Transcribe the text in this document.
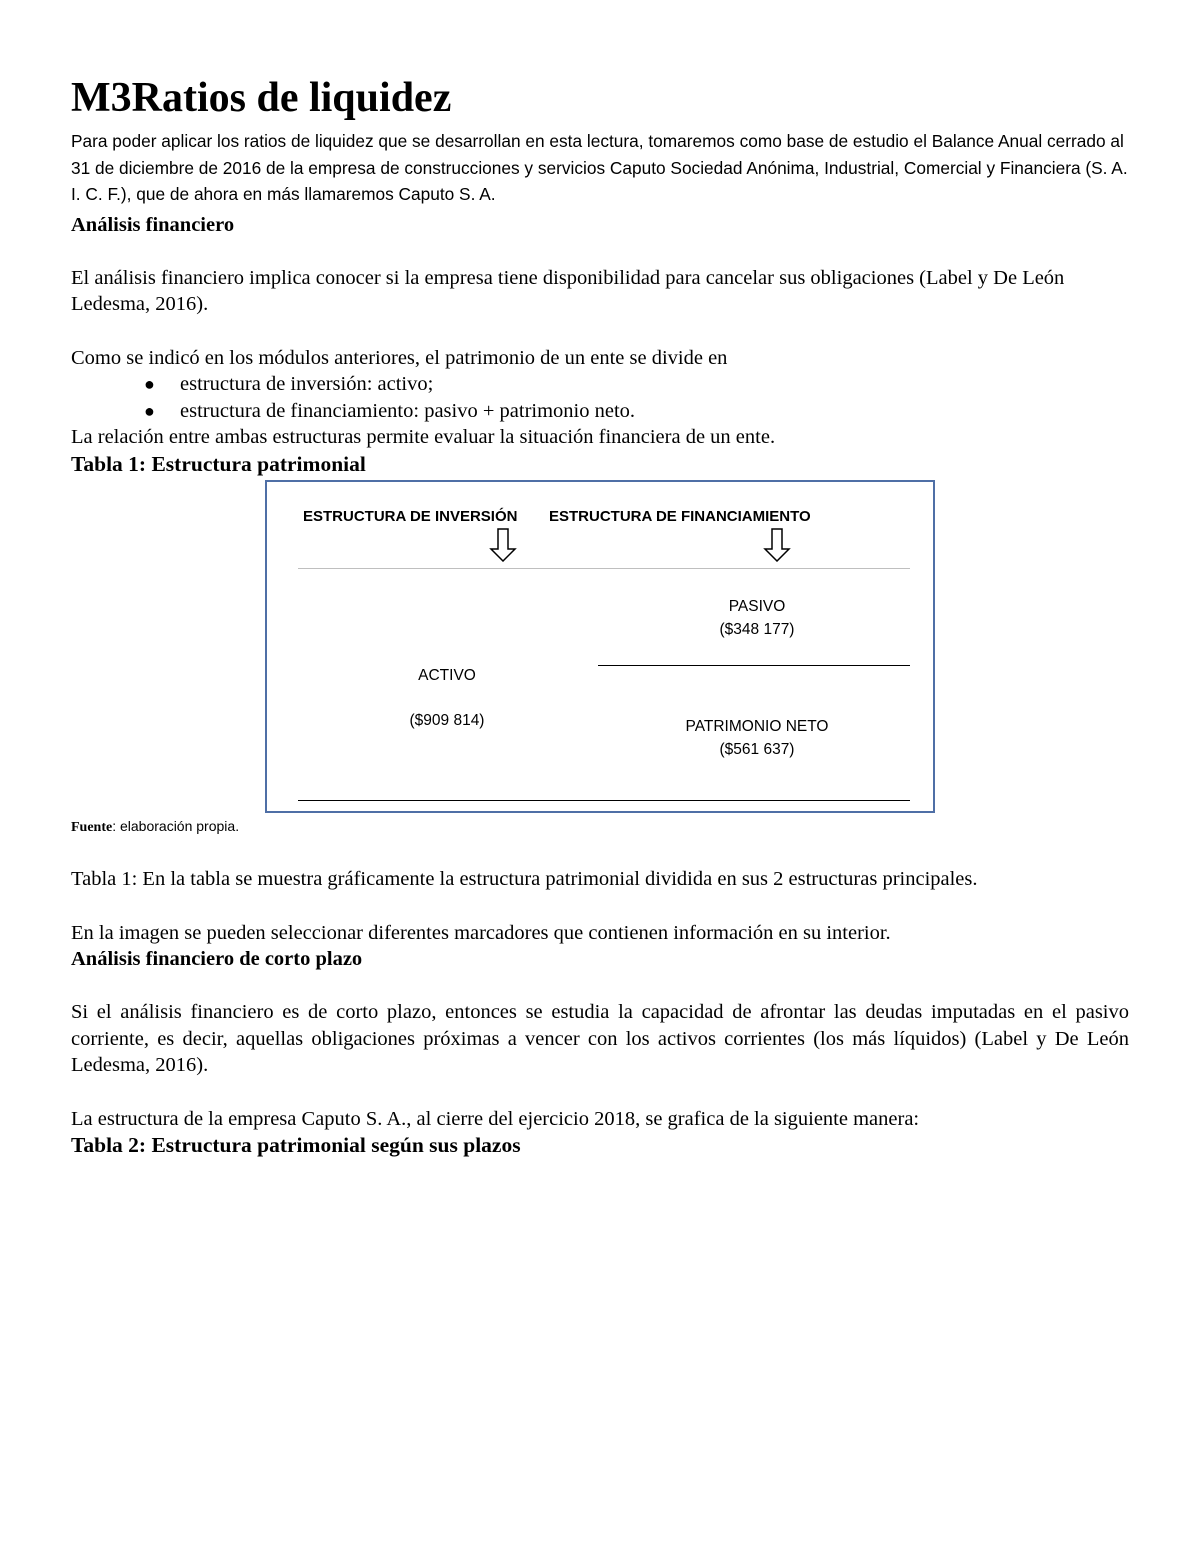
M3Ratios de liquidez

Para poder aplicar los ratios de liquidez que se desarrollan en esta lectura, tomaremos como base de estudio el Balance Anual cerrado al 31 de diciembre de 2016 de la empresa de construcciones y servicios Caputo Sociedad Anónima, Industrial, Comercial y Financiera (S. A. I. C. F.), que de ahora en más llamaremos Caputo S. A.

Análisis financiero

El análisis financiero implica conocer si la empresa tiene disponibilidad para cancelar sus obligaciones (Label y De León Ledesma, 2016).

Como se indicó en los módulos anteriores, el patrimonio de un ente se divide en

● estructura de inversión: activo;
● estructura de financiamiento: pasivo + patrimonio neto.

La relación entre ambas estructuras permite evaluar la situación financiera de un ente.

Tabla 1: Estructura patrimonial
ESTRUCTURA DE INVERSIÓN ESTRUCTURA DE FINANCIAMIENTO
PASIVO
($348 177)
ACTIVO
($909 814)	PATRIMONIO NETO
($561 637)
Fuente: elaboración propia.

Tabla 1: En la tabla se muestra gráficamente la estructura patrimonial dividida en sus 2 estructuras principales.

En la imagen se pueden seleccionar diferentes marcadores que contienen información en su interior.

Análisis financiero de corto plazo

Si el análisis financiero es de corto plazo, entonces se estudia la capacidad de afrontar las deudas imputadas en el pasivo corriente, es decir, aquellas obligaciones próximas a vencer con los activos corrientes (los más líquidos) (Label y De León Ledesma, 2016).

La estructura de la empresa Caputo S. A., al cierre del ejercicio 2018, se grafica de la siguiente manera:

Tabla 2: Estructura patrimonial según sus plazos
